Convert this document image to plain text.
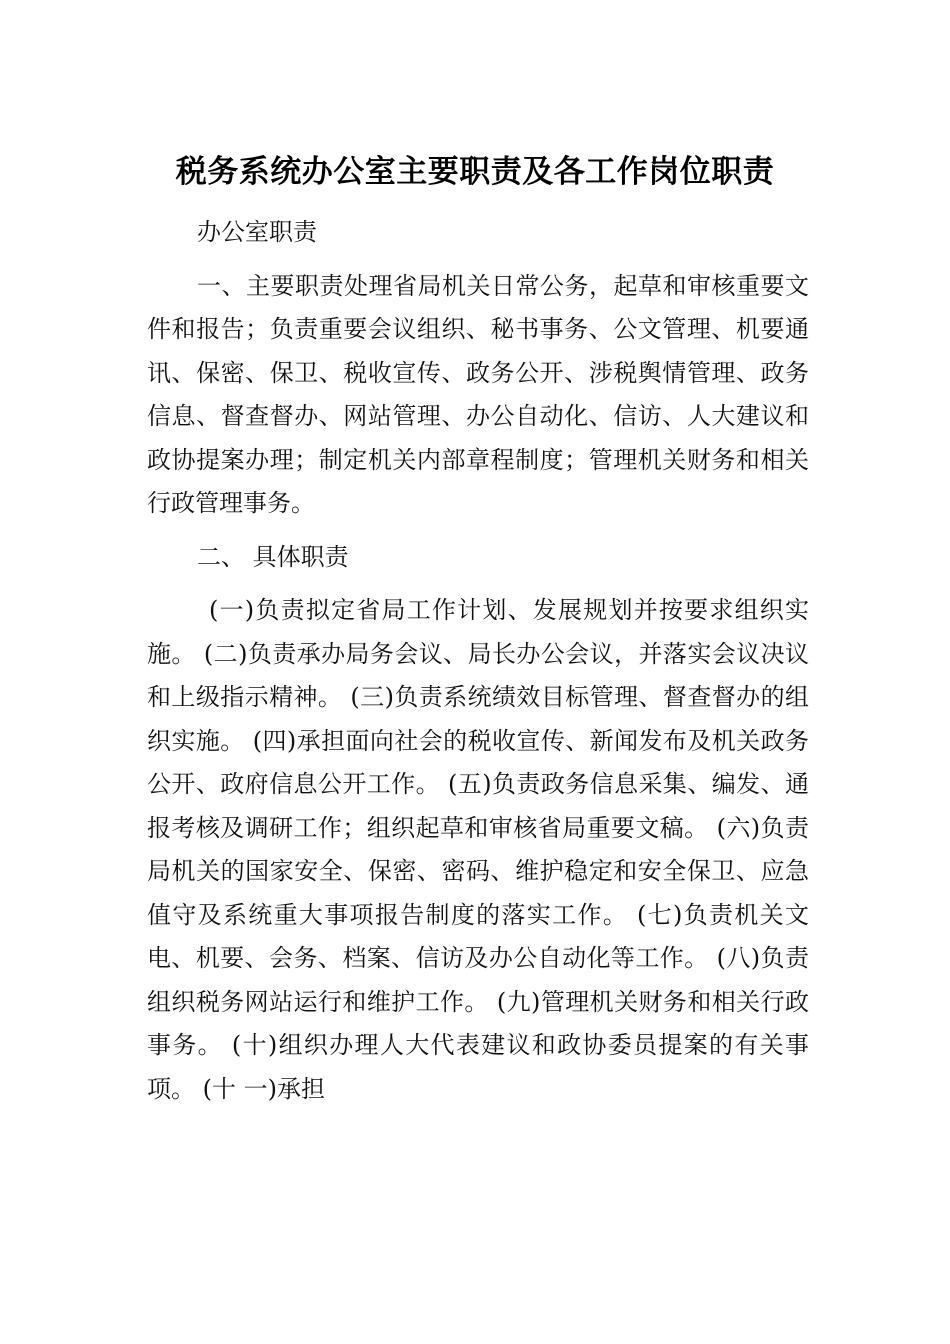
税务系统办公室主要职责及各工作岗位职责

办公室职责

一、主要职责处理省局机关日常公务，起草和审核重要文件和报告；负责重要会议组织、秘书事务、公文管理、机要通讯、保密、保卫、税收宣传、政务公开、涉税舆情管理、政务信息、督查督办、网站管理、办公自动化、信访、人大建议和政协提案办理；制定机关内部章程制度；管理机关财务和相关行政管理事务。

二、 具体职责

(一)负责拟定省局工作计划、发展规划并按要求组织实施。 (二)负责承办局务会议、局长办公会议，并落实会议决议和上级指示精神。 (三)负责系统绩效目标管理、督查督办的组织实施。 (四)承担面向社会的税收宣传、新闻发布及机关政务公开、政府信息公开工作。 (五)负责政务信息采集、编发、通报考核及调研工作；组织起草和审核省局重要文稿。 (六)负责局机关的国家安全、保密、密码、维护稳定和安全保卫、应急值守及系统重大事项报告制度的落实工作。 (七)负责机关文电、机要、会务、档案、信访及办公自动化等工作。 (八)负责组织税务网站运行和维护工作。 (九)管理机关财务和相关行政事务。 (十)组织办理人大代表建议和政协委员提案的有关事项。 (十 一)承担
